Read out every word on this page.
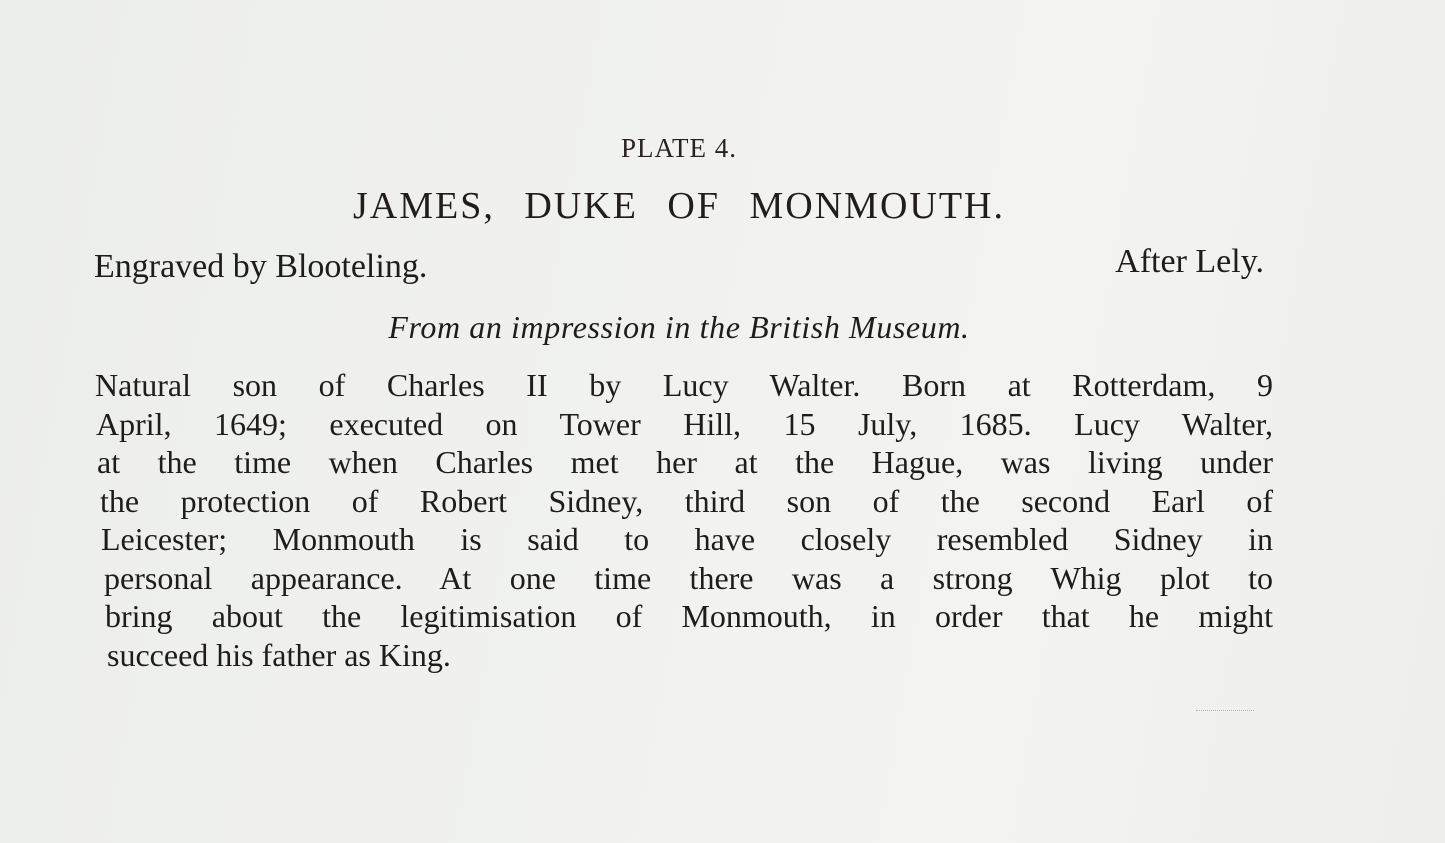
PLATE 4.
JAMES, DUKE OF MONMOUTH.
Engraved by Blooteling.	After Lely.
From an impression in the British Museum.
Natural son of Charles II by Lucy Walter. Born at Rotterdam, 9
April, 1649; executed on Tower Hill, 15 July, 1685. Lucy Walter,
at the time when Charles met her at the Hague, was living under
the protection of Robert Sidney, third son of the second Earl of
Leicester; Monmouth is said to have closely resembled Sidney in
personal appearance. At one time there was a strong Whig plot to
bring about the legitimisation of Monmouth, in order that he might
succeed his father as King.
